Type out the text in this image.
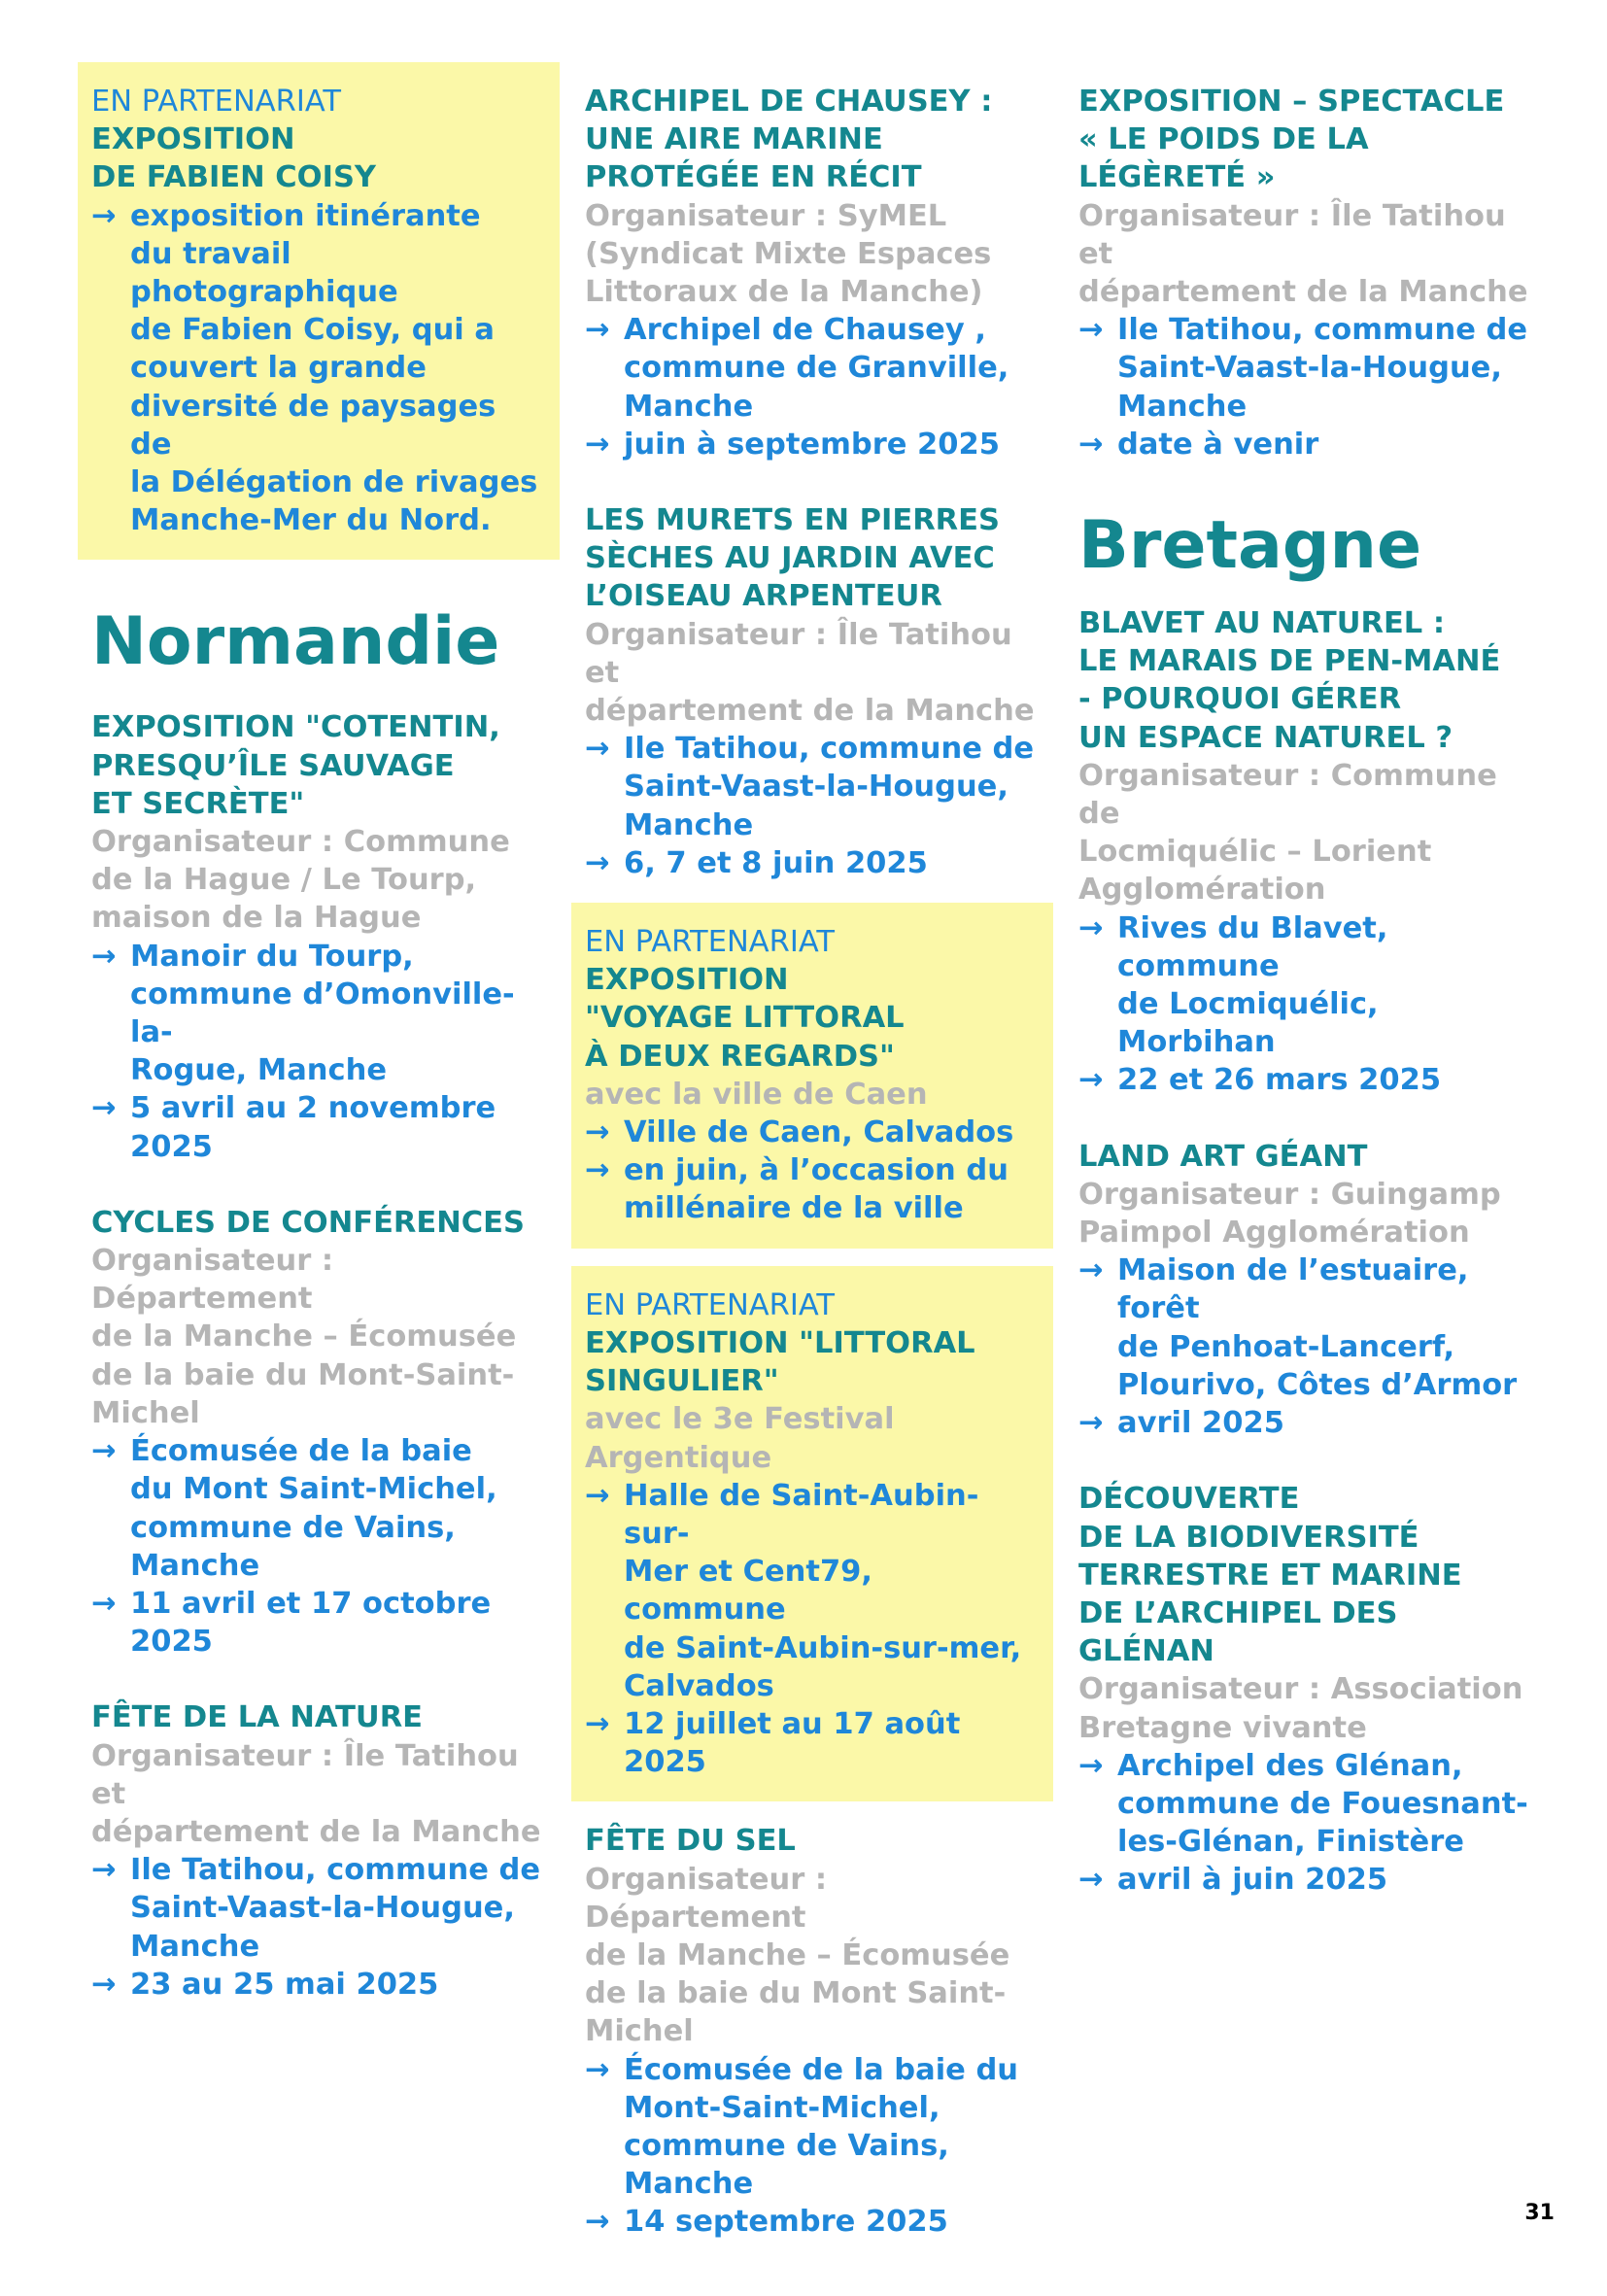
EN PARTENARIAT

EXPOSITION

DE FABIEN COISY

→ exposition itinérante

du travail photographique

de Fabien Coisy, qui a

couvert la grande

diversité de paysages de

la Délégation de rivages

Manche-Mer du Nord.

Normandie

EXPOSITION "COTENTIN,

PRESQU’ÎLE SAUVAGE

ET SECRÈTE"

Organisateur : Commune

de la Hague / Le Tourp,

maison de la Hague

→ Manoir du Tourp,

commune d’Omonville-la-

Rogue, Manche

→ 5 avril au 2 novembre

2025

CYCLES DE CONFÉRENCES

Organisateur : Département

de la Manche – Écomusée

de la baie du Mont-Saint-

Michel

→ Écomusée de la baie

du Mont Saint-Michel,

commune de Vains,

Manche

→ 11 avril et 17 octobre 2025

FÊTE DE LA NATURE

Organisateur : Île Tatihou et

département de la Manche

→ Ile Tatihou, commune de

Saint-Vaast-la-Hougue,

Manche

→ 23 au 25 mai 2025

ARCHIPEL DE CHAUSEY :

UNE AIRE MARINE

PROTÉGÉE EN RÉCIT

Organisateur : SyMEL

(Syndicat Mixte Espaces

Littoraux de la Manche)

→ Archipel de Chausey ,

commune de Granville,

Manche

→ juin à septembre 2025

LES MURETS EN PIERRES

SÈCHES AU JARDIN AVEC

L’OISEAU ARPENTEUR

Organisateur : Île Tatihou et

département de la Manche

→ Ile Tatihou, commune de

Saint-Vaast-la-Hougue,

Manche

→ 6, 7 et 8 juin 2025

EN PARTENARIAT

EXPOSITION

"VOYAGE LITTORAL

À DEUX REGARDS"

avec la ville de Caen

→ Ville de Caen, Calvados

→ en juin, à l’occasion du

millénaire de la ville

EN PARTENARIAT

EXPOSITION "LITTORAL

SINGULIER"

avec le 3e Festival

Argentique

→ Halle de Saint-Aubin-sur-

Mer et Cent79, commune

de Saint-Aubin-sur-mer,

Calvados

→ 12 juillet au 17 août 2025

FÊTE DU SEL

Organisateur : Département

de la Manche – Écomusée

de la baie du Mont Saint-

Michel

→ Écomusée de la baie du

Mont-Saint-Michel,

commune de Vains,

Manche

→ 14 septembre 2025

EXPOSITION – SPECTACLE

« LE POIDS DE LA

LÉGÈRETÉ »

Organisateur : Île Tatihou et

département de la Manche

→ Ile Tatihou, commune de

Saint-Vaast-la-Hougue,

Manche

→ date à venir

Bretagne

BLAVET AU NATUREL :

LE MARAIS DE PEN-MANÉ

- POURQUOI GÉRER

UN ESPACE NATUREL ?

Organisateur : Commune de

Locmiquélic – Lorient

Agglomération

→ Rives du Blavet, commune

de Locmiquélic, Morbihan

→ 22 et 26 mars 2025

LAND ART GÉANT

Organisateur : Guingamp

Paimpol Agglomération

→ Maison de l’estuaire, forêt

de Penhoat-Lancerf,

Plourivo, Côtes d’Armor

→ avril 2025

DÉCOUVERTE

DE LA BIODIVERSITÉ

TERRESTRE ET MARINE

DE L’ARCHIPEL DES

GLÉNAN

Organisateur : Association

Bretagne vivante

→ Archipel des Glénan,

commune de Fouesnant-

les-Glénan, Finistère

→ avril à juin 2025

31
